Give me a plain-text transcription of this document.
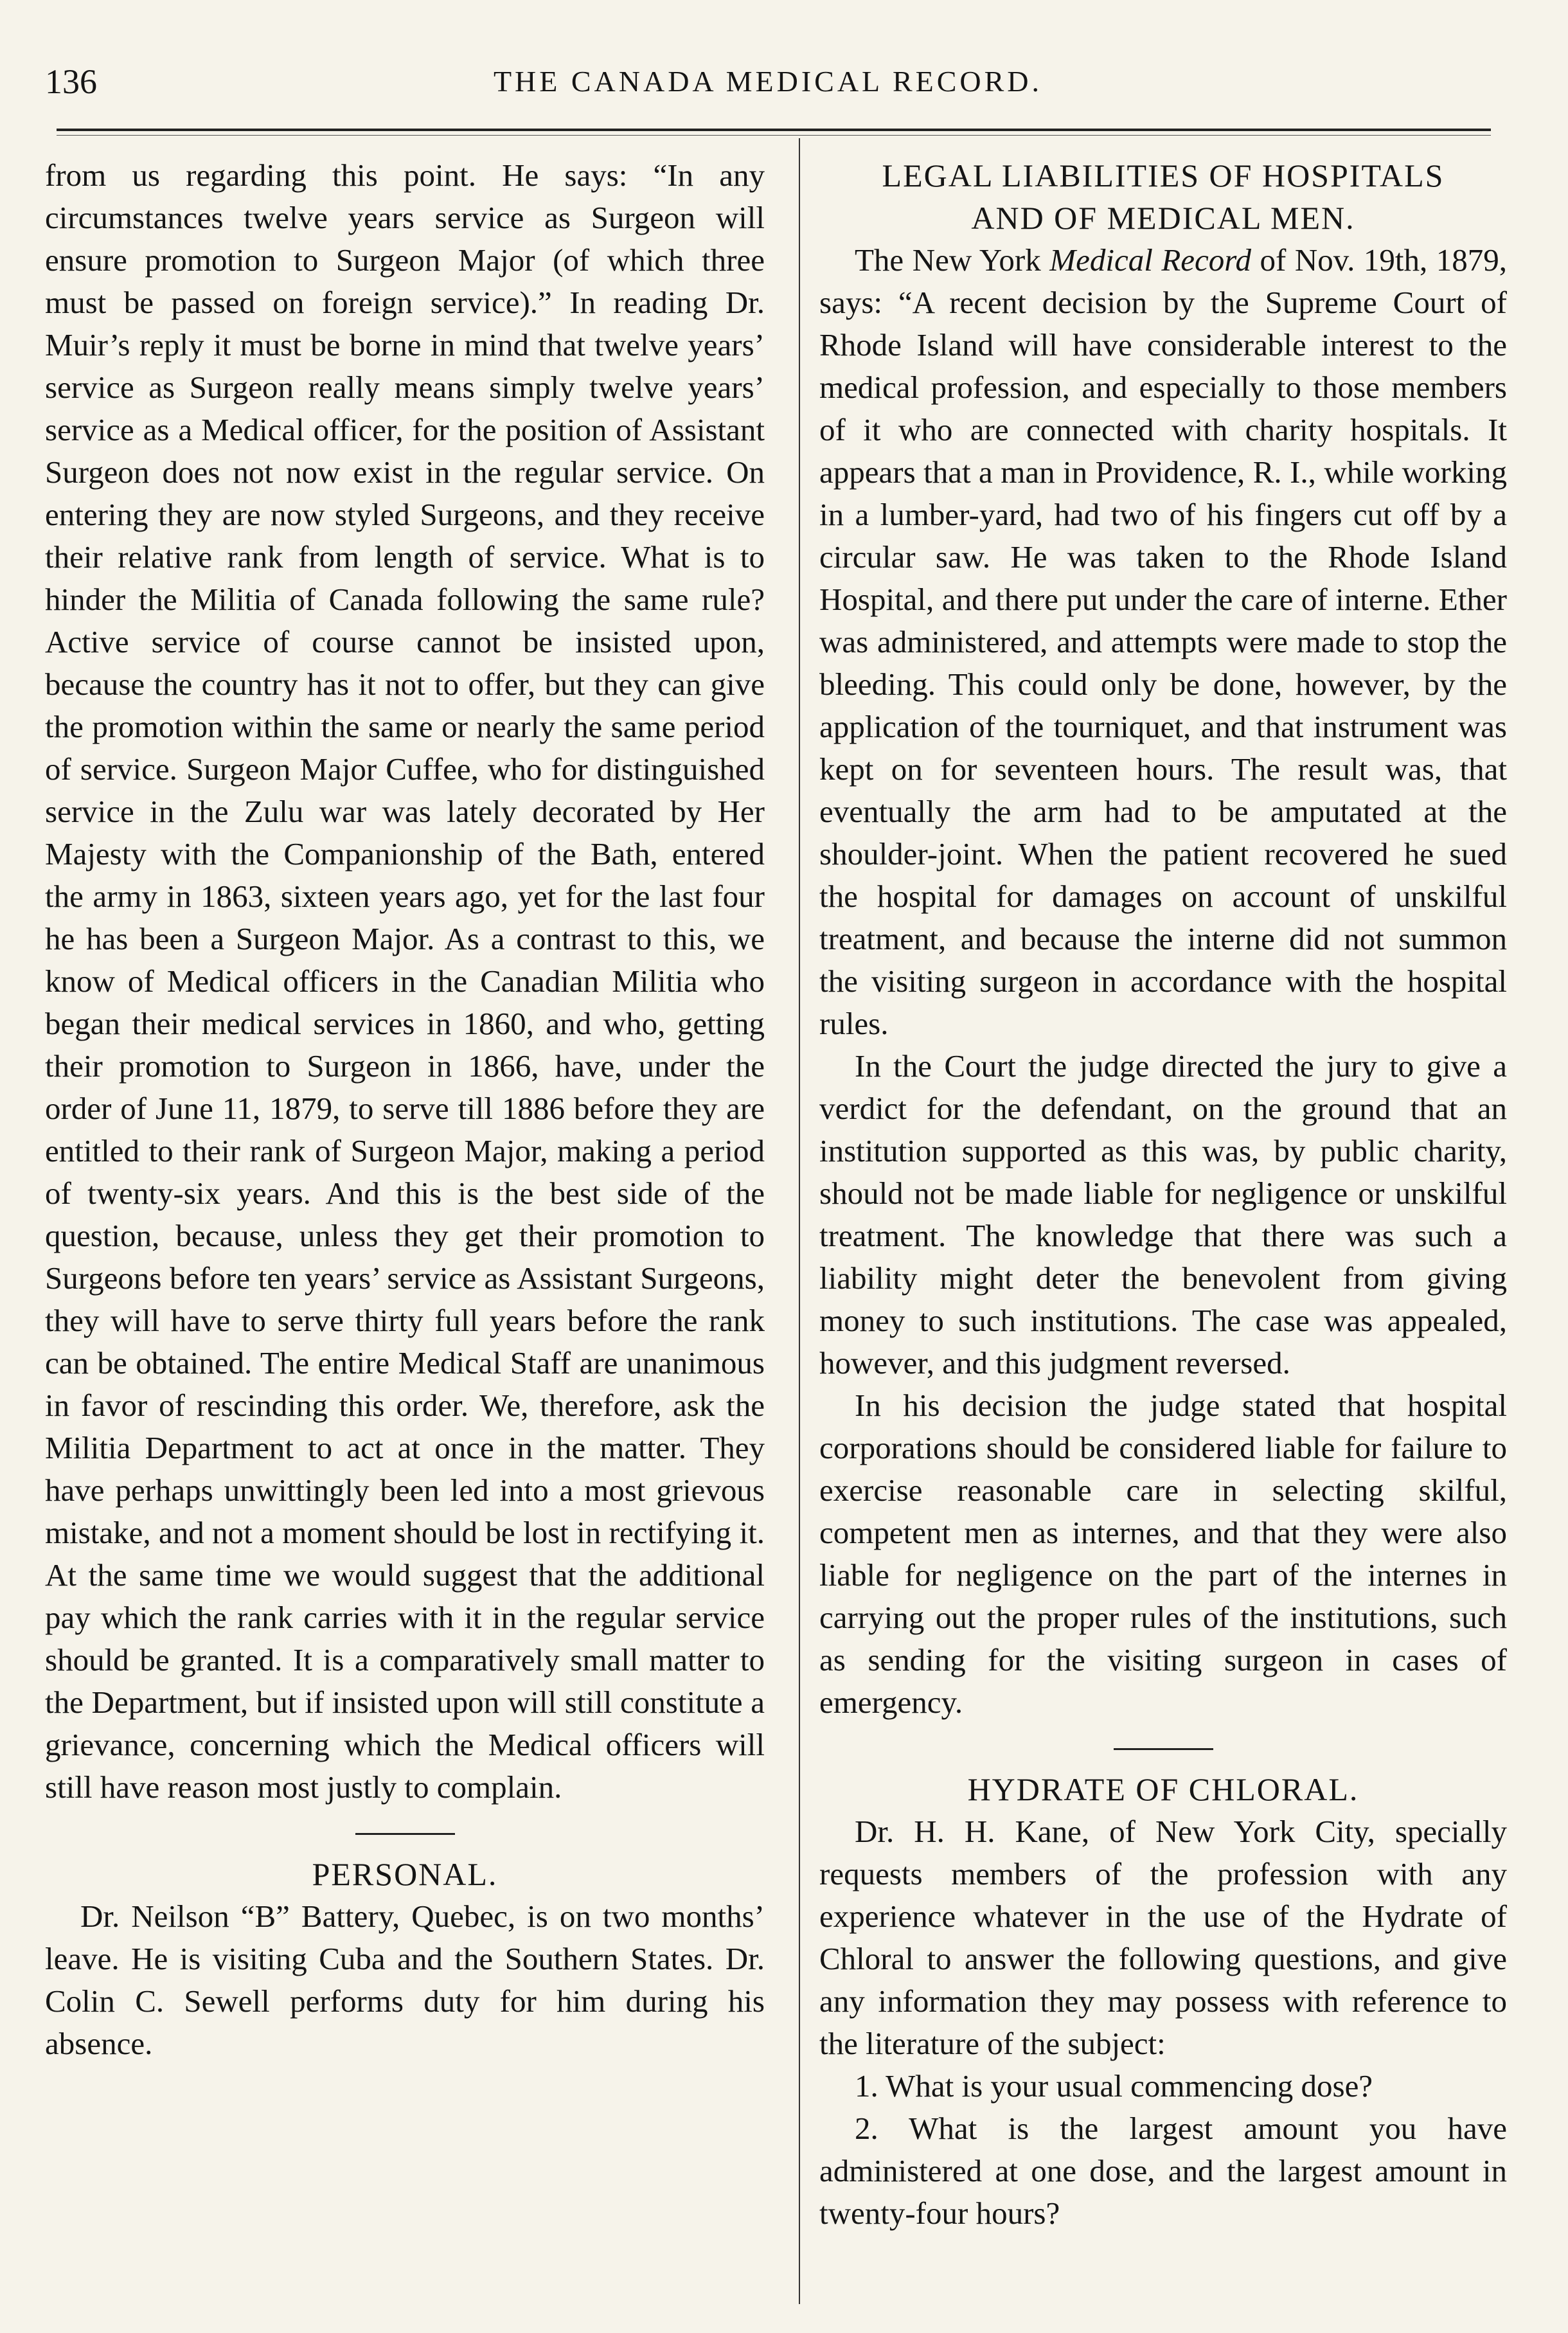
136	THE CANADA MEDICAL RECORD.

from us regarding this point. He says: “In any circumstances twelve years service as Surgeon will ensure promotion to Surgeon Major (of which three must be passed on foreign service).” In reading Dr. Muir’s reply it must be borne in mind that twelve years’ service as Surgeon really means simply twelve years’ service as a Medical officer, for the position of Assistant Surgeon does not now exist in the regular service. On entering they are now styled Surgeons, and they receive their relative rank from length of service. What is to hinder the Militia of Canada following the same rule? Active service of course cannot be insisted upon, because the country has it not to offer, but they can give the promotion within the same or nearly the same period of service. Surgeon Major Cuffee, who for distinguished service in the Zulu war was lately decorated by Her Majesty with the Companionship of the Bath, entered the army in 1863, sixteen years ago, yet for the last four he has been a Surgeon Major. As a contrast to this, we know of Medical officers in the Canadian Militia who began their medical services in 1860, and who, getting their promotion to Surgeon in 1866, have, under the order of June 11, 1879, to serve till 1886 before they are entitled to their rank of Surgeon Major, making a period of twenty-six years. And this is the best side of the question, because, unless they get their promotion to Surgeons before ten years’ service as Assistant Surgeons, they will have to serve thirty full years before the rank can be obtained. The entire Medical Staff are unanimous in favor of rescinding this order. We, therefore, ask the Militia Department to act at once in the matter. They have perhaps unwittingly been led into a most grievous mistake, and not a moment should be lost in rectifying it. At the same time we would suggest that the additional pay which the rank carries with it in the regular service should be granted. It is a comparatively small matter to the Department, but if insisted upon will still constitute a grievance, concerning which the Medical officers will still have reason most justly to complain.

PERSONAL.

Dr. Neilson “B” Battery, Quebec, is on two months’ leave. He is visiting Cuba and the Southern States. Dr. Colin C. Sewell performs duty for him during his absence.

LEGAL LIABILITIES OF HOSPITALS
AND OF MEDICAL MEN.

The New York Medical Record of Nov. 19th, 1879, says: “A recent decision by the Supreme Court of Rhode Island will have considerable interest to the medical profession, and especially to those members of it who are connected with charity hospitals. It appears that a man in Providence, R. I., while working in a lumber-yard, had two of his fingers cut off by a circular saw. He was taken to the Rhode Island Hospital, and there put under the care of interne. Ether was administered, and attempts were made to stop the bleeding. This could only be done, however, by the application of the tourniquet, and that instrument was kept on for seventeen hours. The result was, that eventually the arm had to be amputated at the shoulder-joint. When the patient recovered he sued the hospital for damages on account of unskilful treatment, and because the interne did not summon the visiting surgeon in accordance with the hospital rules.

In the Court the judge directed the jury to give a verdict for the defendant, on the ground that an institution supported as this was, by public charity, should not be made liable for negligence or unskilful treatment. The knowledge that there was such a liability might deter the benevolent from giving money to such institutions. The case was appealed, however, and this judgment reversed.

In his decision the judge stated that hospital corporations should be considered liable for failure to exercise reasonable care in selecting skilful, competent men as internes, and that they were also liable for negligence on the part of the internes in carrying out the proper rules of the institutions, such as sending for the visiting surgeon in cases of emergency.

HYDRATE OF CHLORAL.

Dr. H. H. Kane, of New York City, specially requests members of the profession with any experience whatever in the use of the Hydrate of Chloral to answer the following questions, and give any information they may possess with reference to the literature of the subject:

1. What is your usual commencing dose?

2. What is the largest amount you have administered at one dose, and the largest amount in twenty-four hours?
